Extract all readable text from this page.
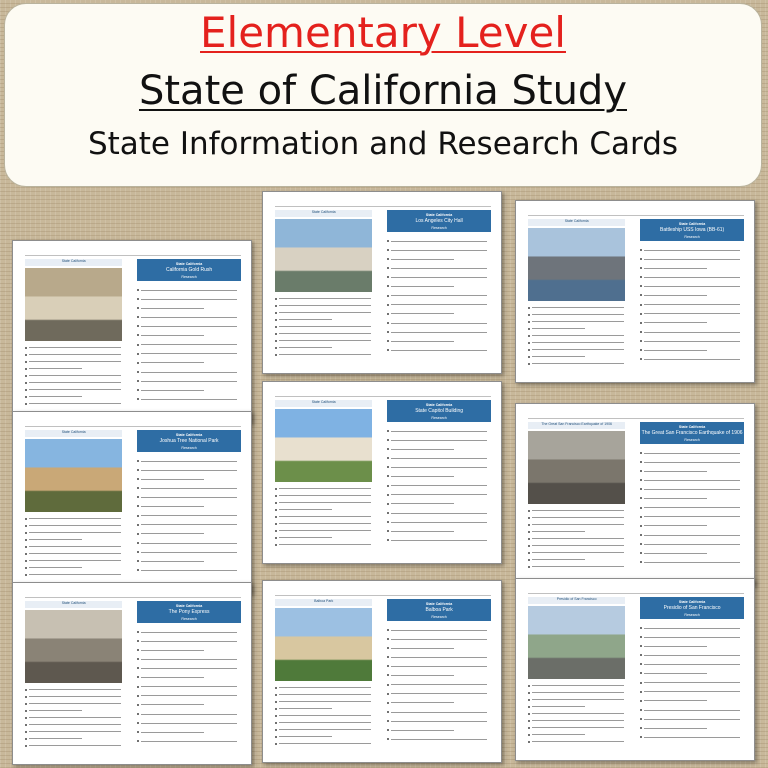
Elementary Level
State of California Study
State Information and Research Cards
State California
State California
California Gold Rush
Research
State California
State California
Los Angeles City Hall
Research
State California
State California
Battleship USS Iowa (BB-61)
Research
State California
State California
Joshua Tree National Park
Research
State California
State California
State Capitol Building
Research
The Great San Francisco Earthquake of 1906
State California
The Great San Francisco Earthquake of 1906
Research
State California
State California
The Pony Express
Research
Balboa Park
State California
Balboa Park
Research
Presidio of San Francisco
State California
Presidio of San Francisco
Research
